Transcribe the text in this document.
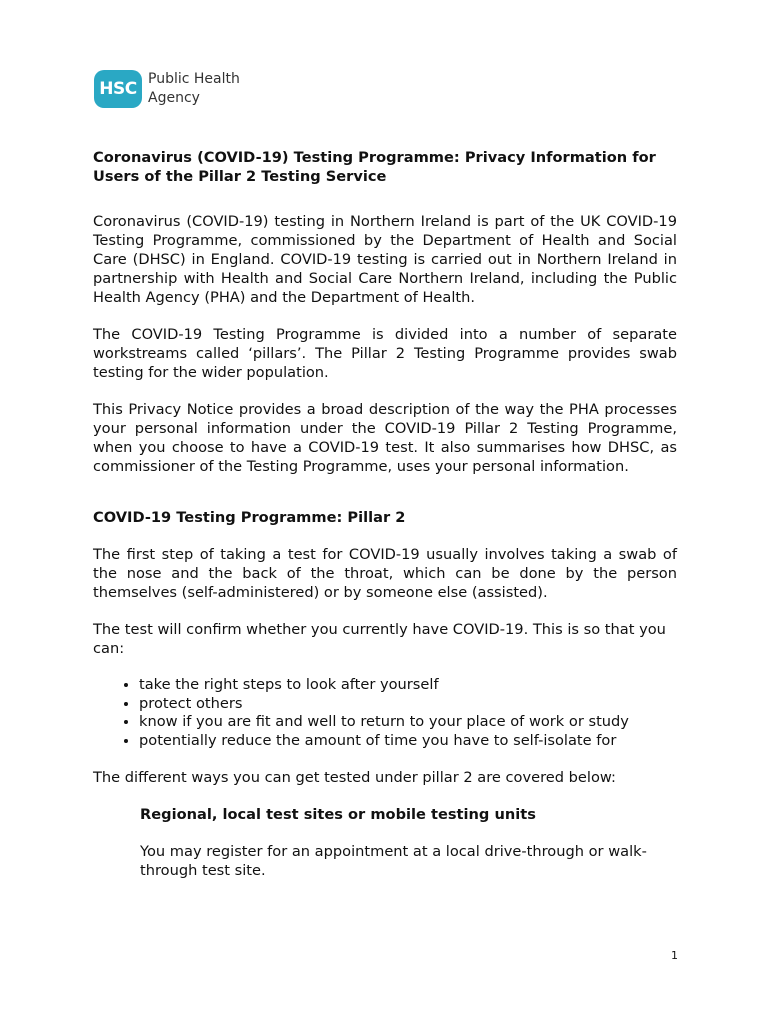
HSC Public Health
Agency
Coronavirus (COVID-19) Testing Programme: Privacy Information for Users of the Pillar 2 Testing Service

Coronavirus (COVID-19) testing in Northern Ireland is part of the UK COVID-19 Testing Programme, commissioned by the Department of Health and Social Care (DHSC) in England. COVID-19 testing is carried out in Northern Ireland in partnership with Health and Social Care Northern Ireland, including the Public Health Agency (PHA) and the Department of Health.

The COVID-19 Testing Programme is divided into a number of separate workstreams called ‘pillars’. The Pillar 2 Testing Programme provides swab testing for the wider population.

This Privacy Notice provides a broad description of the way the PHA processes your personal information under the COVID-19 Pillar 2 Testing Programme, when you choose to have a COVID-19 test. It also summarises how DHSC, as commissioner of the Testing Programme, uses your personal information.

COVID-19 Testing Programme: Pillar 2

The first step of taking a test for COVID-19 usually involves taking a swab of the nose and the back of the throat, which can be done by the person themselves (self-administered) or by someone else (assisted).

The test will confirm whether you currently have COVID-19. This is so that you can:

• take the right steps to look after yourself
• protect others
• know if you are fit and well to return to your place of work or study
• potentially reduce the amount of time you have to self-isolate for

The different ways you can get tested under pillar 2 are covered below:

Regional, local test sites or mobile testing units

You may register for an appointment at a local drive-through or walk-through test site.

1
